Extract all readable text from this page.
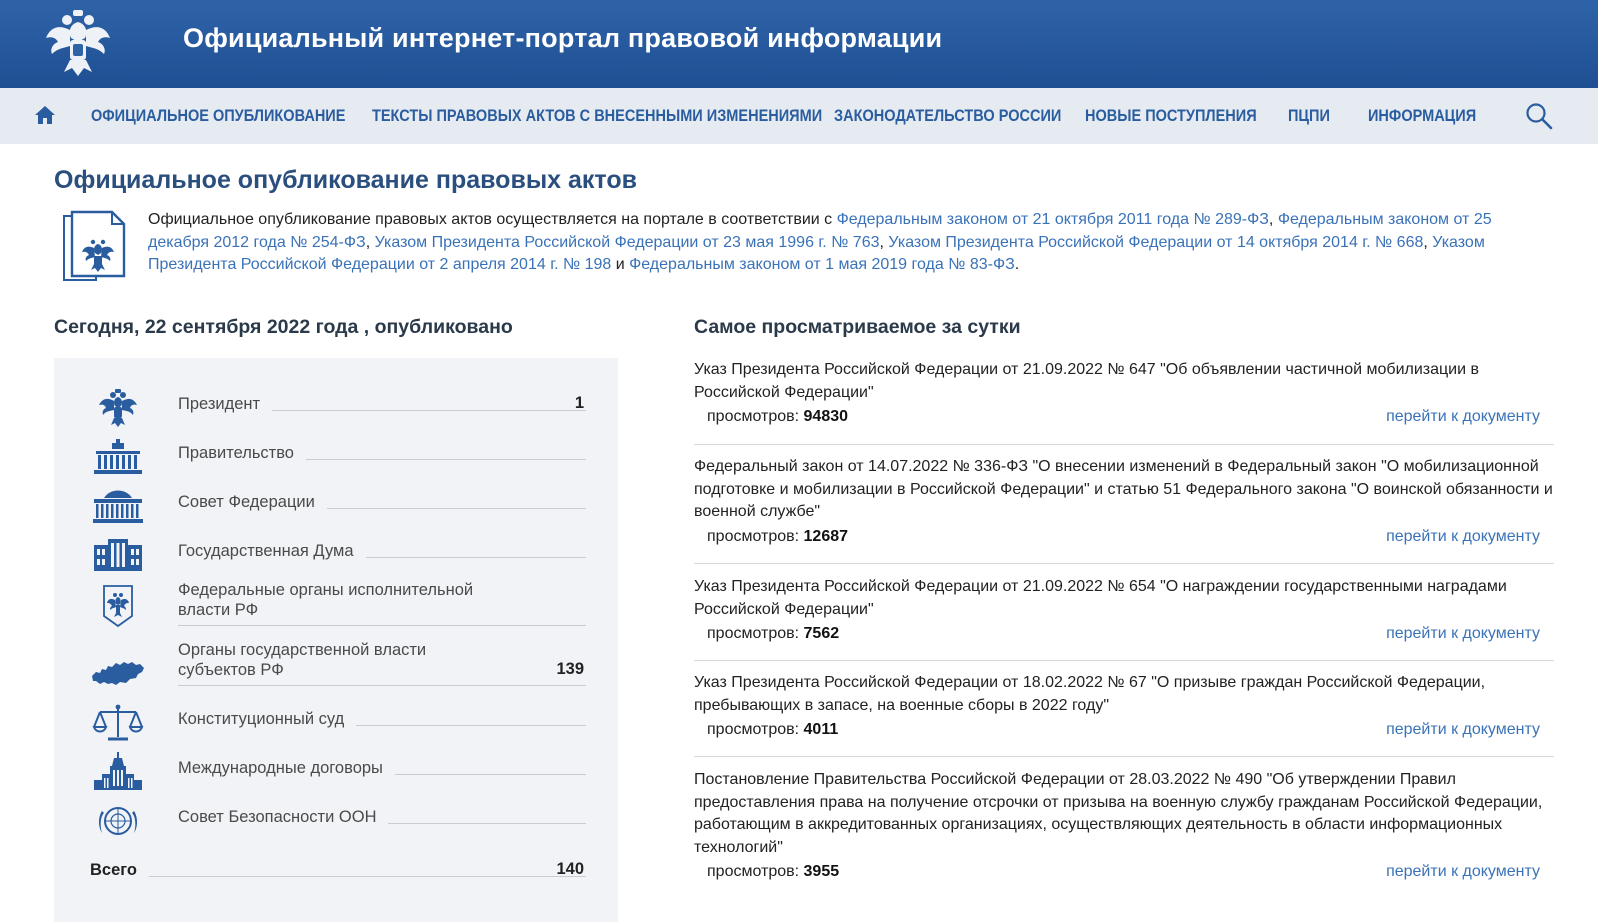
Официальный интернет-портал правовой информации
ОФИЦИАЛЬНОЕ ОПУБЛИКОВАНИЕ ТЕКСТЫ ПРАВОВЫХ АКТОВ С ВНЕСЕННЫМИ ИЗМЕНЕНИЯМИ ЗАКОНОДАТЕЛЬСТВО РОССИИ НОВЫЕ ПОСТУПЛЕНИЯ ПЦПИ ИНФОРМАЦИЯ
Официальное опубликование правовых актов
Официальное опубликование правовых актов осуществляется на портале в соответствии с Федеральным законом от 21 октября 2011 года № 289-ФЗ, Федеральным законом от 25 декабря 2012 года № 254-ФЗ, Указом Президента Российской Федерации от 23 мая 1996 г. № 763, Указом Президента Российской Федерации от 14 октября 2014 г. № 668, Указом Президента Российской Федерации от 2 апреля 2014 г. № 198 и Федеральным законом от 1 мая 2019 года № 83-ФЗ.
Сегодня, 22 сентября 2022 года , опубликовано
Президент	1
Правительство
Совет Федерации
Государственная Дума
Федеральные органы исполнительной власти РФ
Органы государственной власти субъектов РФ	139
Конституционный суд
Международные договоры
Совет Безопасности ООН
Всего	140
Самое просматриваемое за сутки

Указ Президента Российской Федерации от 21.09.2022 № 647 "Об объявлении частичной мобилизации в Российской Федерации"

просмотров: 94830	перейти к документу

Федеральный закон от 14.07.2022 № 336-ФЗ "О внесении изменений в Федеральный закон "О мобилизационной подготовке и мобилизации в Российской Федерации" и статью 51 Федерального закона "О воинской обязанности и военной службе"

просмотров: 12687	перейти к документу

Указ Президента Российской Федерации от 21.09.2022 № 654 "О награждении государственными наградами Российской Федерации"

просмотров: 7562	перейти к документу

Указ Президента Российской Федерации от 18.02.2022 № 67 "О призыве граждан Российской Федерации, пребывающих в запасе, на военные сборы в 2022 году"

просмотров: 4011	перейти к документу

Постановление Правительства Российской Федерации от 28.03.2022 № 490 "Об утверждении Правил предоставления права на получение отсрочки от призыва на военную службу гражданам Российской Федерации, работающим в аккредитованных организациях, осуществляющих деятельность в области информационных технологий"

просмотров: 3955	перейти к документу
